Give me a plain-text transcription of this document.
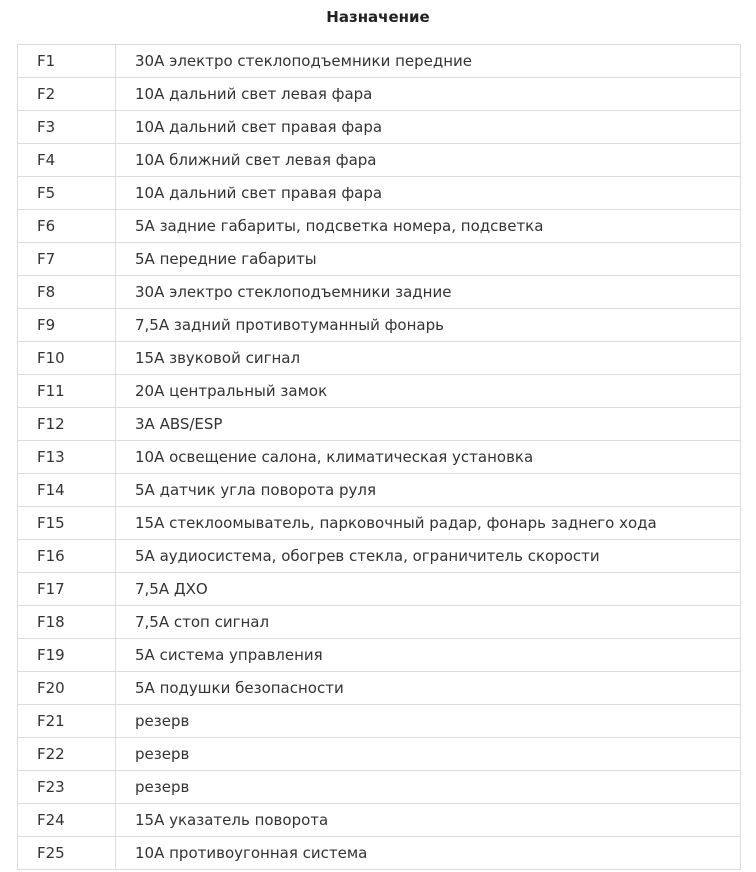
Назначение
F1	30А электро стеклоподъемники передние
F2	10А дальний свет левая фара
F3	10А дальний свет правая фара
F4	10А ближний свет левая фара
F5	10А дальний свет правая фара
F6	5А задние габариты, подсветка номера, подсветка
F7	5А передние габариты
F8	30А электро стеклоподъемники задние
F9	7,5А задний противотуманный фонарь
F10	15А звуковой сигнал
F11	20А центральный замок
F12	3А ABS/ESP
F13	10А освещение салона, климатическая установка
F14	5А датчик угла поворота руля
F15	15А стеклоомыватель, парковочный радар, фонарь заднего хода
F16	5А аудиосистема, обогрев стекла, ограничитель скорости
F17	7,5А ДХО
F18	7,5А стоп сигнал
F19	5А система управления
F20	5А подушки безопасности
F21	резерв
F22	резерв
F23	резерв
F24	15А указатель поворота
F25	10А противоугонная система
